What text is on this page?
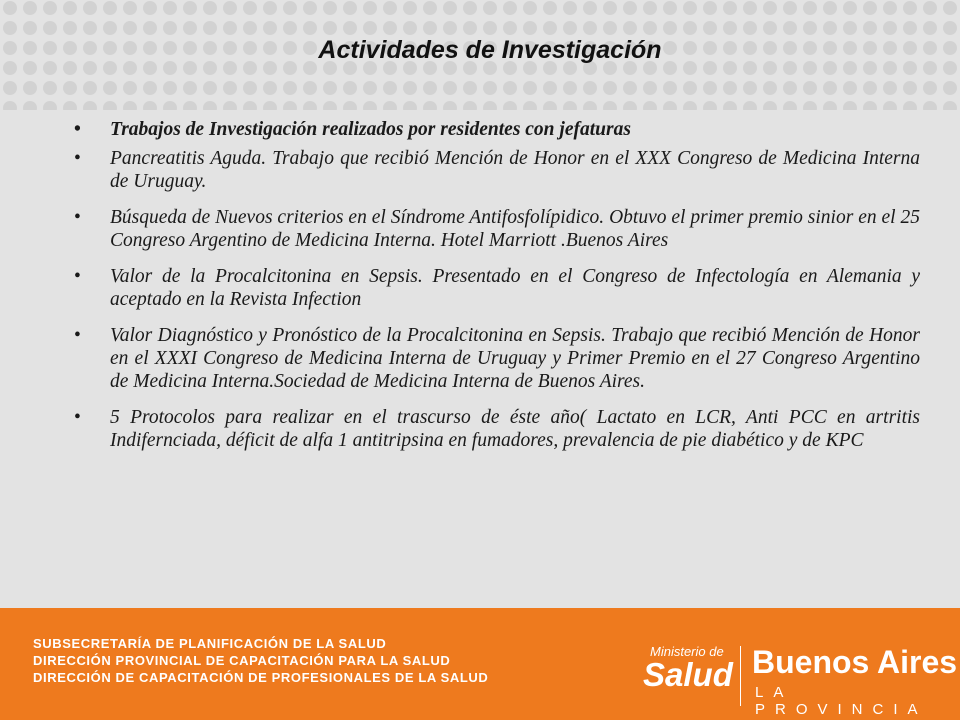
Actividades de Investigación
• Trabajos de Investigación realizados por residentes con jefaturas
• Pancreatitis Aguda. Trabajo que recibió Mención de Honor en el XXX Congreso de Medicina Interna de Uruguay.
• Búsqueda de Nuevos criterios en el Síndrome Antifosfolípidico. Obtuvo el primer premio sinior en el 25 Congreso Argentino de Medicina Interna. Hotel Marriott .Buenos Aires
• Valor de la Procalcitonina en Sepsis. Presentado en el Congreso de Infectología en Alemania y aceptado en la Revista Infection
• Valor Diagnóstico y Pronóstico de la Procalcitonina en Sepsis. Trabajo que recibió Mención de Honor en el XXXI Congreso de Medicina Interna de Uruguay y Primer Premio en el 27 Congreso Argentino de Medicina Interna.Sociedad de Medicina Interna de Buenos Aires.
• 5 Protocolos para realizar en el trascurso de éste año( Lactato en LCR, Anti PCC en artritis Indifernciada, déficit de alfa 1 antitripsina en fumadores, prevalencia de pie diabético y de KPC
SUBSECRETARÍA DE PLANIFICACIÓN DE LA SALUD
DIRECCIÓN PROVINCIAL DE CAPACITACIÓN PARA LA SALUD
DIRECCIÓN DE CAPACITACIÓN DE PROFESIONALES DE LA SALUD
Ministerio de
Salud Buenos Aires
LA PROVINCIA
